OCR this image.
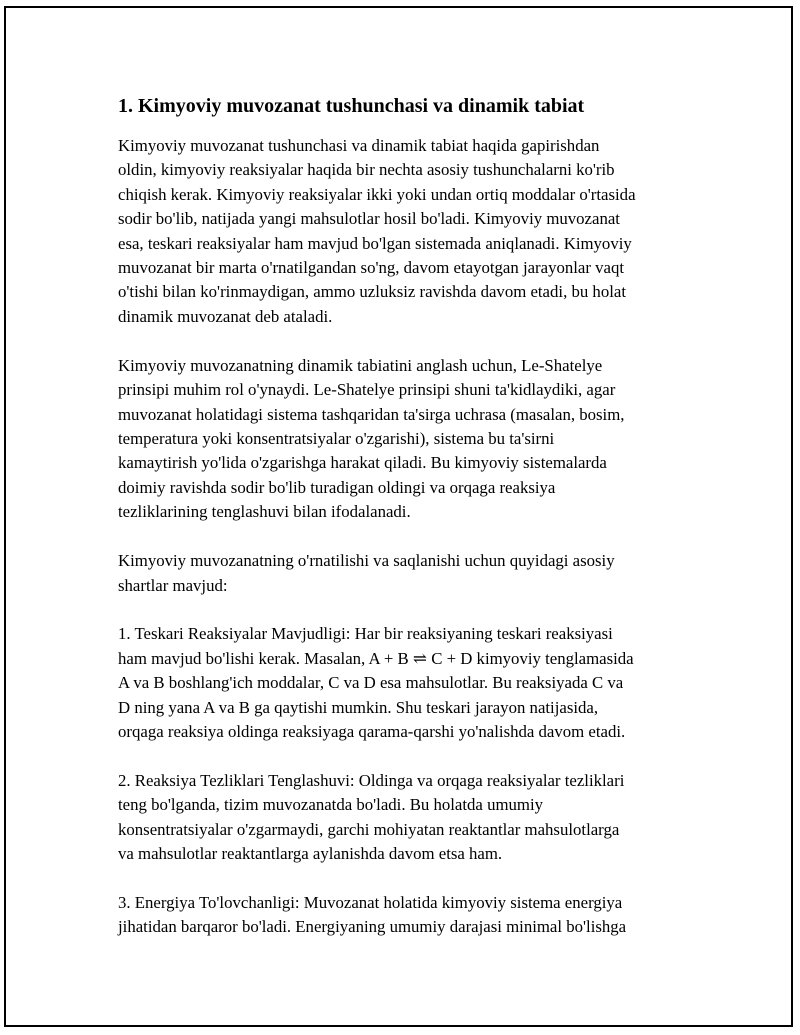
1. Kimyoviy muvozanat tushunchasi va dinamik tabiat

Kimyoviy muvozanat tushunchasi va dinamik tabiat haqida gapirishdan
oldin, kimyoviy reaksiyalar haqida bir nechta asosiy tushunchalarni ko'rib
chiqish kerak. Kimyoviy reaksiyalar ikki yoki undan ortiq moddalar o'rtasida
sodir bo'lib, natijada yangi mahsulotlar hosil bo'ladi. Kimyoviy muvozanat
esa, teskari reaksiyalar ham mavjud bo'lgan sistemada aniqlanadi. Kimyoviy
muvozanat bir marta o'rnatilgandan so'ng, davom etayotgan jarayonlar vaqt
o'tishi bilan ko'rinmaydigan, ammo uzluksiz ravishda davom etadi, bu holat
dinamik muvozanat deb ataladi.

Kimyoviy muvozanatning dinamik tabiatini anglash uchun, Le-Shatelye
prinsipi muhim rol o'ynaydi. Le-Shatelye prinsipi shuni ta'kidlaydiki, agar
muvozanat holatidagi sistema tashqaridan ta'sirga uchrasa (masalan, bosim,
temperatura yoki konsentratsiyalar o'zgarishi), sistema bu ta'sirni
kamaytirish yo'lida o'zgarishga harakat qiladi. Bu kimyoviy sistemalarda
doimiy ravishda sodir bo'lib turadigan oldingi va orqaga reaksiya
tezliklarining tenglashuvi bilan ifodalanadi.

Kimyoviy muvozanatning o'rnatilishi va saqlanishi uchun quyidagi asosiy
shartlar mavjud:

1. Teskari Reaksiyalar Mavjudligi: Har bir reaksiyaning teskari reaksiyasi
ham mavjud bo'lishi kerak. Masalan, A + B ⇌ C + D kimyoviy tenglamasida
A va B boshlang'ich moddalar, C va D esa mahsulotlar. Bu reaksiyada C va
D ning yana A va B ga qaytishi mumkin. Shu teskari jarayon natijasida,
orqaga reaksiya oldinga reaksiyaga qarama-qarshi yo'nalishda davom etadi.

2. Reaksiya Tezliklari Tenglashuvi: Oldinga va orqaga reaksiyalar tezliklari
teng bo'lganda, tizim muvozanatda bo'ladi. Bu holatda umumiy
konsentratsiyalar o'zgarmaydi, garchi mohiyatan reaktantlar mahsulotlarga
va mahsulotlar reaktantlarga aylanishda davom etsa ham.

3. Energiya To'lovchanligi: Muvozanat holatida kimyoviy sistema energiya
jihatidan barqaror bo'ladi. Energiyaning umumiy darajasi minimal bo'lishga
